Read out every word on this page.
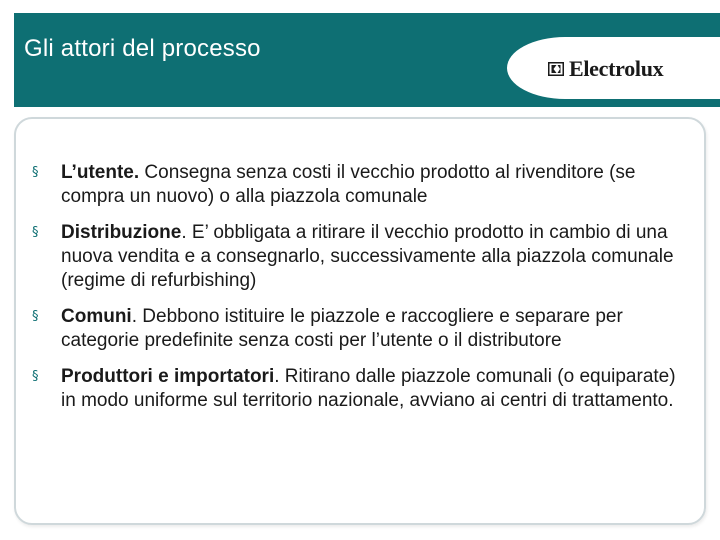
Gli attori del processo
Electrolux
§ L’utente. Consegna senza costi il vecchio prodotto al rivenditore (se compra un nuovo) o alla piazzola comunale
§ Distribuzione. E’ obbligata a ritirare il vecchio prodotto in cambio di una nuova vendita e a consegnarlo, successivamente alla piazzola comunale (regime di refurbishing)
§ Comuni. Debbono istituire le piazzole e raccogliere e separare per categorie predefinite senza costi per l’utente o il distributore
§ Produttori e importatori. Ritirano dalle piazzole comunali (o equiparate) in modo uniforme sul territorio nazionale, avviano ai centri di trattamento.
